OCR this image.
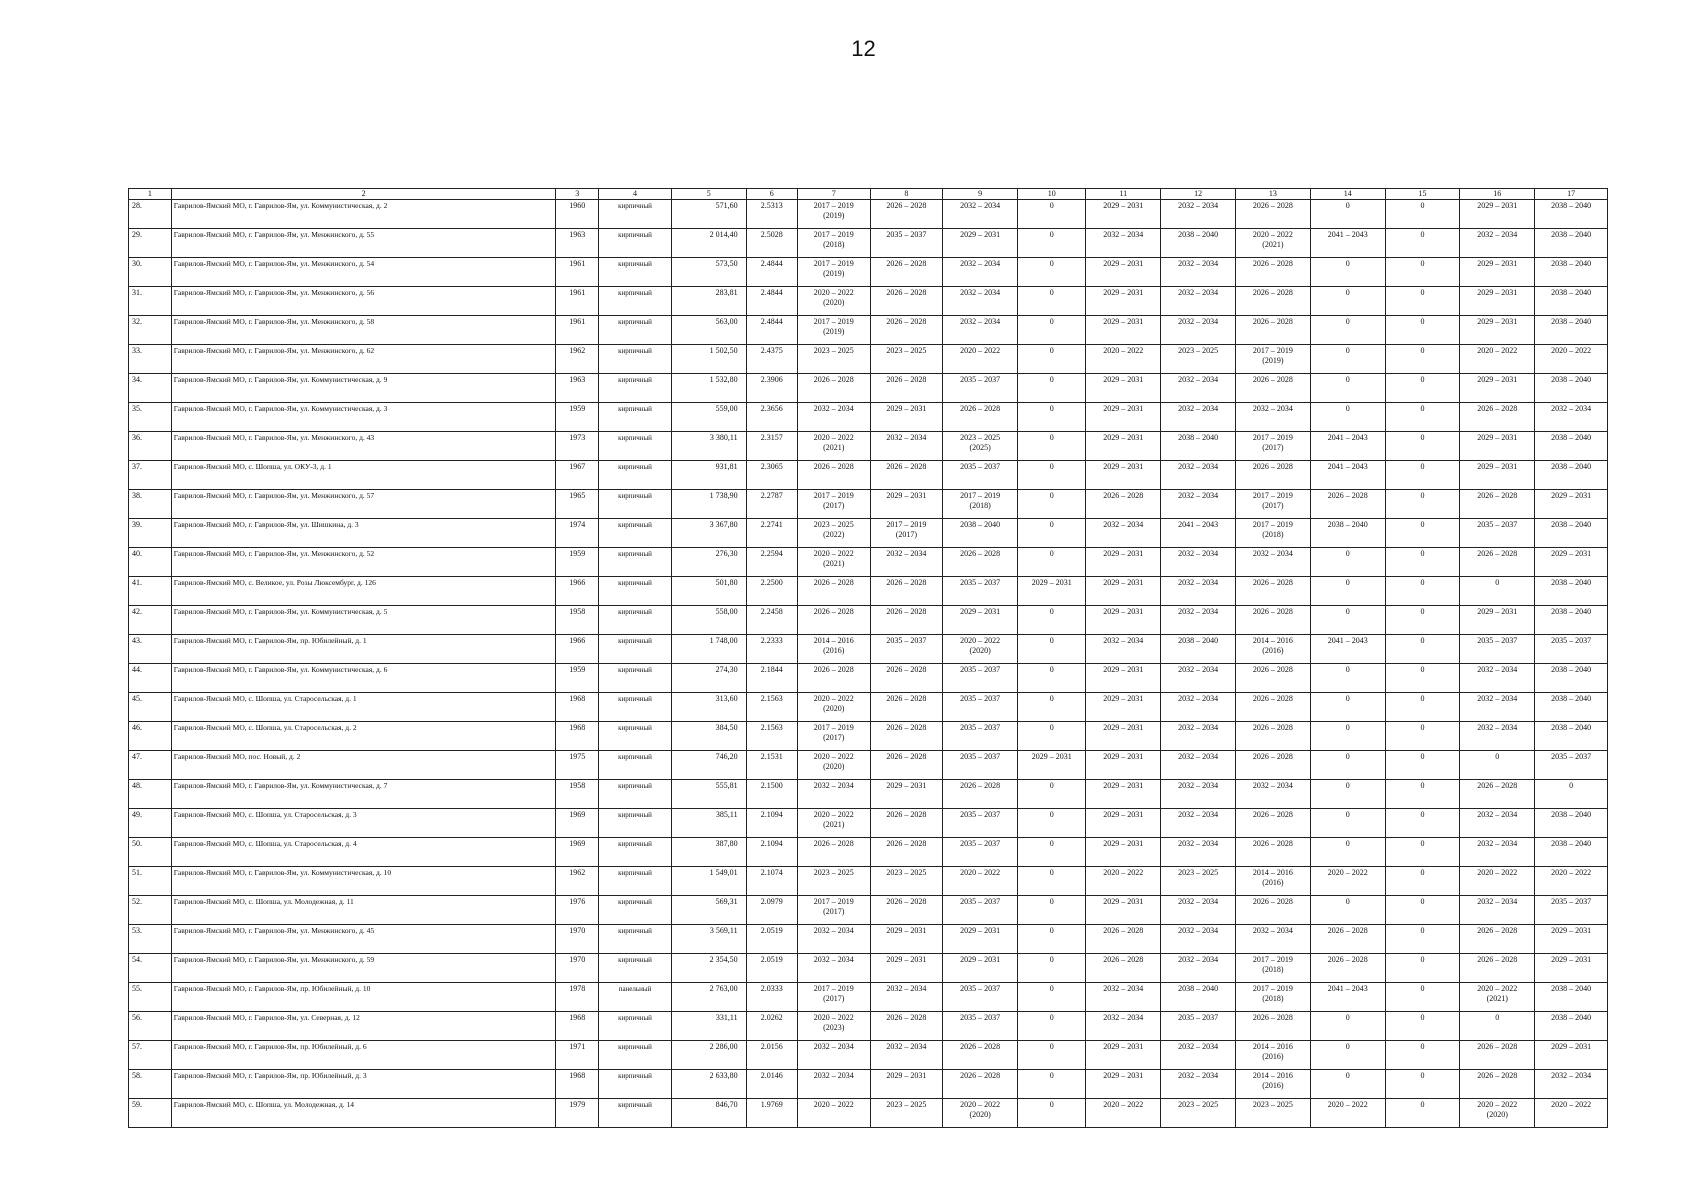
12
1	2	3	4	5	6	7	8	9	10	11	12	13	14	15	16	17

28.	Гаврилов-Ямский МО, г. Гаврилов-Ям, ул. Коммунистическая, д. 2	1960	кирпичный	571,60	2.5313	2017 – 2019
(2019)	2026 – 2028	2032 – 2034	0	2029 – 2031	2032 – 2034	2026 – 2028	0	0	2029 – 2031	2038 – 2040

29.	Гаврилов-Ямский МО, г. Гаврилов-Ям, ул. Менжинского, д. 55	1963	кирпичный	2 014,40	2.5028	2017 – 2019
(2018)	2035 – 2037	2029 – 2031	0	2032 – 2034	2038 – 2040	2020 – 2022
(2021)	2041 – 2043	0	2032 – 2034	2038 – 2040

30.	Гаврилов-Ямский МО, г. Гаврилов-Ям, ул. Менжинского, д. 54	1961	кирпичный	573,50	2.4844	2017 – 2019
(2019)	2026 – 2028	2032 – 2034	0	2029 – 2031	2032 – 2034	2026 – 2028	0	0	2029 – 2031	2038 – 2040

31.	Гаврилов-Ямский МО, г. Гаврилов-Ям, ул. Менжинского, д. 56	1961	кирпичный	283,81	2.4844	2020 – 2022
(2020)	2026 – 2028	2032 – 2034	0	2029 – 2031	2032 – 2034	2026 – 2028	0	0	2029 – 2031	2038 – 2040

32.	Гаврилов-Ямский МО, г. Гаврилов-Ям, ул. Менжинского, д. 58	1961	кирпичный	563,00	2.4844	2017 – 2019
(2019)	2026 – 2028	2032 – 2034	0	2029 – 2031	2032 – 2034	2026 – 2028	0	0	2029 – 2031	2038 – 2040

33.	Гаврилов-Ямский МО, г. Гаврилов-Ям, ул. Менжинского, д. 62	1962	кирпичный	1 502,50	2.4375	2023 – 2025	2023 – 2025	2020 – 2022	0	2020 – 2022	2023 – 2025	2017 – 2019
(2019)	0	0	2020 – 2022	2020 – 2022

34.	Гаврилов-Ямский МО, г. Гаврилов-Ям, ул. Коммунистическая, д. 9	1963	кирпичный	1 532,80	2.3906	2026 – 2028	2026 – 2028	2035 – 2037	0	2029 – 2031	2032 – 2034	2026 – 2028	0	0	2029 – 2031	2038 – 2040

35.	Гаврилов-Ямский МО, г. Гаврилов-Ям, ул. Коммунистическая, д. 3	1959	кирпичный	559,00	2.3656	2032 – 2034	2029 – 2031	2026 – 2028	0	2029 – 2031	2032 – 2034	2032 – 2034	0	0	2026 – 2028	2032 – 2034

36.	Гаврилов-Ямский МО, г. Гаврилов-Ям, ул. Менжинского, д. 43	1973	кирпичный	3 380,11	2.3157	2020 – 2022
(2021)	2032 – 2034	2023 – 2025
(2025)	0	2029 – 2031	2038 – 2040	2017 – 2019
(2017)	2041 – 2043	0	2029 – 2031	2038 – 2040

37.	Гаврилов-Ямский МО, с. Шопша, ул. ОКУ-3, д. 1	1967	кирпичный	931,81	2.3065	2026 – 2028	2026 – 2028	2035 – 2037	0	2029 – 2031	2032 – 2034	2026 – 2028	2041 – 2043	0	2029 – 2031	2038 – 2040

38.	Гаврилов-Ямский МО, г. Гаврилов-Ям, ул. Менжинского, д. 57	1965	кирпичный	1 738,90	2.2787	2017 – 2019
(2017)	2029 – 2031	2017 – 2019
(2018)	0	2026 – 2028	2032 – 2034	2017 – 2019
(2017)	2026 – 2028	0	2026 – 2028	2029 – 2031

39.	Гаврилов-Ямский МО, г. Гаврилов-Ям, ул. Шишкина, д. 3	1974	кирпичный	3 367,80	2.2741	2023 – 2025
(2022)	2017 – 2019
(2017)	2038 – 2040	0	2032 – 2034	2041 – 2043	2017 – 2019
(2018)	2038 – 2040	0	2035 – 2037	2038 – 2040

40.	Гаврилов-Ямский МО, г. Гаврилов-Ям, ул. Менжинского, д. 52	1959	кирпичный	276,30	2.2594	2020 – 2022
(2021)	2032 – 2034	2026 – 2028	0	2029 – 2031	2032 – 2034	2032 – 2034	0	0	2026 – 2028	2029 – 2031

41.	Гаврилов-Ямский МО, с. Великое, ул. Розы Люксембург, д. 126	1966	кирпичный	501,80	2.2500	2026 – 2028	2026 – 2028	2035 – 2037	2029 – 2031	2029 – 2031	2032 – 2034	2026 – 2028	0	0	0	2038 – 2040

42.	Гаврилов-Ямский МО, г. Гаврилов-Ям, ул. Коммунистическая, д. 5	1958	кирпичный	558,00	2.2458	2026 – 2028	2026 – 2028	2029 – 2031	0	2029 – 2031	2032 – 2034	2026 – 2028	0	0	2029 – 2031	2038 – 2040

43.	Гаврилов-Ямский МО, г. Гаврилов-Ям, пр. Юбилейный, д. 1	1966	кирпичный	1 748,00	2.2333	2014 – 2016
(2016)	2035 – 2037	2020 – 2022
(2020)	0	2032 – 2034	2038 – 2040	2014 – 2016
(2016)	2041 – 2043	0	2035 – 2037	2035 – 2037

44.	Гаврилов-Ямский МО, г. Гаврилов-Ям, ул. Коммунистическая, д. 6	1959	кирпичный	274,30	2.1844	2026 – 2028	2026 – 2028	2035 – 2037	0	2029 – 2031	2032 – 2034	2026 – 2028	0	0	2032 – 2034	2038 – 2040

45.	Гаврилов-Ямский МО, с. Шопша, ул. Старосельская, д. 1	1968	кирпичный	313,60	2.1563	2020 – 2022
(2020)	2026 – 2028	2035 – 2037	0	2029 – 2031	2032 – 2034	2026 – 2028	0	0	2032 – 2034	2038 – 2040

46.	Гаврилов-Ямский МО, с. Шопша, ул. Старосельская, д. 2	1968	кирпичный	384,50	2.1563	2017 – 2019
(2017)	2026 – 2028	2035 – 2037	0	2029 – 2031	2032 – 2034	2026 – 2028	0	0	2032 – 2034	2038 – 2040

47.	Гаврилов-Ямский МО, пос. Новый, д. 2	1975	кирпичный	746,20	2.1531	2020 – 2022
(2020)	2026 – 2028	2035 – 2037	2029 – 2031	2029 – 2031	2032 – 2034	2026 – 2028	0	0	0	2035 – 2037

48.	Гаврилов-Ямский МО, г. Гаврилов-Ям, ул. Коммунистическая, д. 7	1958	кирпичный	555,81	2.1500	2032 – 2034	2029 – 2031	2026 – 2028	0	2029 – 2031	2032 – 2034	2032 – 2034	0	0	2026 – 2028	0

49.	Гаврилов-Ямский МО, с. Шопша, ул. Старосельская, д. 3	1969	кирпичный	385,11	2.1094	2020 – 2022
(2021)	2026 – 2028	2035 – 2037	0	2029 – 2031	2032 – 2034	2026 – 2028	0	0	2032 – 2034	2038 – 2040

50.	Гаврилов-Ямский МО, с. Шопша, ул. Старосельская, д. 4	1969	кирпичный	387,80	2.1094	2026 – 2028	2026 – 2028	2035 – 2037	0	2029 – 2031	2032 – 2034	2026 – 2028	0	0	2032 – 2034	2038 – 2040

51.	Гаврилов-Ямский МО, г. Гаврилов-Ям, ул. Коммунистическая, д. 10	1962	кирпичный	1 549,01	2.1074	2023 – 2025	2023 – 2025	2020 – 2022	0	2020 – 2022	2023 – 2025	2014 – 2016
(2016)	2020 – 2022	0	2020 – 2022	2020 – 2022

52.	Гаврилов-Ямский МО, с. Шопша, ул. Молодежная, д. 11	1976	кирпичный	569,31	2.0979	2017 – 2019
(2017)	2026 – 2028	2035 – 2037	0	2029 – 2031	2032 – 2034	2026 – 2028	0	0	2032 – 2034	2035 – 2037

53.	Гаврилов-Ямский МО, г. Гаврилов-Ям, ул. Менжинского, д. 45	1970	кирпичный	3 569,11	2.0519	2032 – 2034	2029 – 2031	2029 – 2031	0	2026 – 2028	2032 – 2034	2032 – 2034	2026 – 2028	0	2026 – 2028	2029 – 2031

54.	Гаврилов-Ямский МО, г. Гаврилов-Ям, ул. Менжинского, д. 59	1970	кирпичный	2 354,50	2.0519	2032 – 2034	2029 – 2031	2029 – 2031	0	2026 – 2028	2032 – 2034	2017 – 2019
(2018)	2026 – 2028	0	2026 – 2028	2029 – 2031

55.	Гаврилов-Ямский МО, г. Гаврилов-Ям, пр. Юбилейный, д. 10	1978	панельный	2 763,00	2.0333	2017 – 2019
(2017)	2032 – 2034	2035 – 2037	0	2032 – 2034	2038 – 2040	2017 – 2019
(2018)	2041 – 2043	0	2020 – 2022
(2021)	2038 – 2040

56.	Гаврилов-Ямский МО, г. Гаврилов-Ям, ул. Северная, д. 12	1968	кирпичный	331,11	2.0262	2020 – 2022
(2023)	2026 – 2028	2035 – 2037	0	2032 – 2034	2035 – 2037	2026 – 2028	0	0	0	2038 – 2040

57.	Гаврилов-Ямский МО, г. Гаврилов-Ям, пр. Юбилейный, д. 6	1971	кирпичный	2 286,00	2.0156	2032 – 2034	2032 – 2034	2026 – 2028	0	2029 – 2031	2032 – 2034	2014 – 2016
(2016)	0	0	2026 – 2028	2029 – 2031

58.	Гаврилов-Ямский МО, г. Гаврилов-Ям, пр. Юбилейный, д. 3	1968	кирпичный	2 633,80	2.0146	2032 – 2034	2029 – 2031	2026 – 2028	0	2029 – 2031	2032 – 2034	2014 – 2016
(2016)	0	0	2026 – 2028	2032 – 2034

59.	Гаврилов-Ямский МО, с. Шопша, ул. Молодежная, д. 14	1979	кирпичный	846,70	1.9769	2020 – 2022	2023 – 2025	2020 – 2022
(2020)	0	2020 – 2022	2023 – 2025	2023 – 2025	2020 – 2022	0	2020 – 2022
(2020)	2020 – 2022
